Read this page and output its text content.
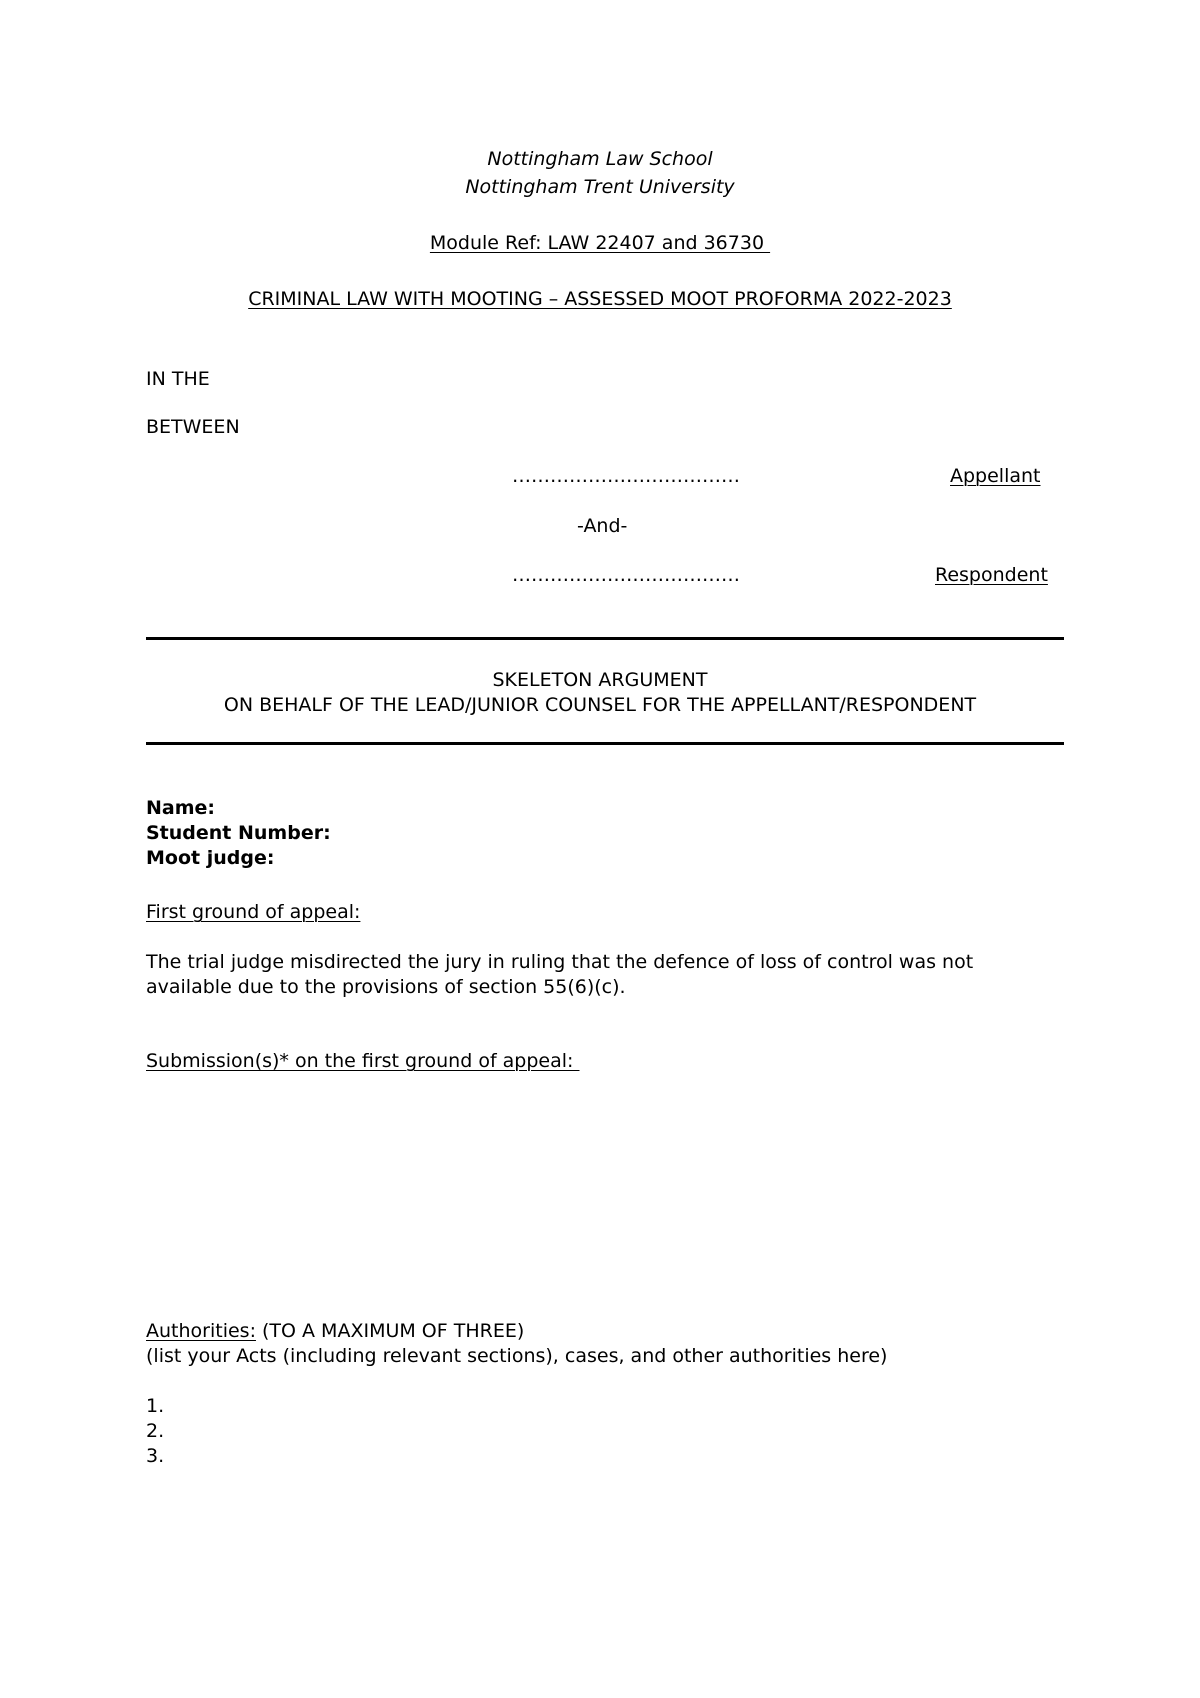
Nottingham Law School
Nottingham Trent University
Module Ref: LAW 22407 and 36730
CRIMINAL LAW WITH MOOTING – ASSESSED MOOT PROFORMA 2022-2023
IN THE
BETWEEN
………………………………	Appellant
-And-
………………………………	Respondent
SKELETON ARGUMENT
ON BEHALF OF THE LEAD/JUNIOR COUNSEL FOR THE APPELLANT/RESPONDENT
Name:
Student Number:
Moot judge:
First ground of appeal:
The trial judge misdirected the jury in ruling that the defence of loss of control was not
available due to the provisions of section 55(6)(c).
Submission(s)* on the first ground of appeal:
Authorities: (TO A MAXIMUM OF THREE)
(list your Acts (including relevant sections), cases, and other authorities here)
1.
2.
3.
